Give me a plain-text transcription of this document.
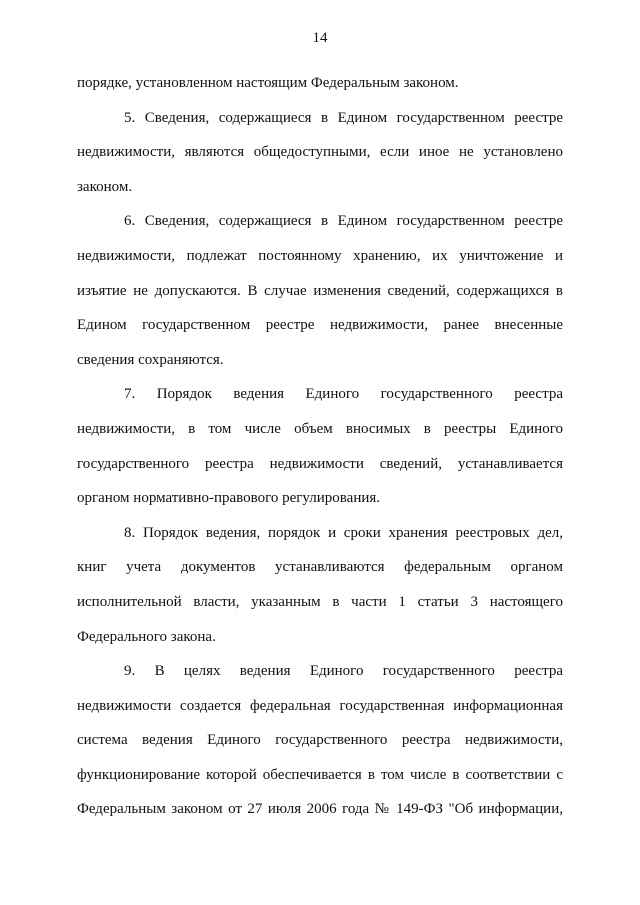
14

порядке, установленном настоящим Федеральным законом.

5. Сведения, содержащиеся в Едином государственном реестре недвижимости, являются общедоступными, если иное не установлено законом.

6. Сведения, содержащиеся в Едином государственном реестре недвижимости, подлежат постоянному хранению, их уничтожение и изъятие не допускаются. В случае изменения сведений, содержащихся в Едином государственном реестре недвижимости, ранее внесенные сведения сохраняются.

7. Порядок ведения Единого государственного реестра недвижимости, в том числе объем вносимых в реестры Единого государственного реестра недвижимости сведений, устанавливается органом нормативно-правового регулирования.

8. Порядок ведения, порядок и сроки хранения реестровых дел, книг учета документов устанавливаются федеральным органом исполнительной власти, указанным в части 1 статьи 3 настоящего Федерального закона.

9. В целях ведения Единого государственного реестра недвижимости создается федеральная государственная информационная система ведения Единого государственного реестра недвижимости, функционирование которой обеспечивается в том числе в соответствии с Федеральным законом от 27 июля 2006 года № 149-ФЗ "Об информации,
